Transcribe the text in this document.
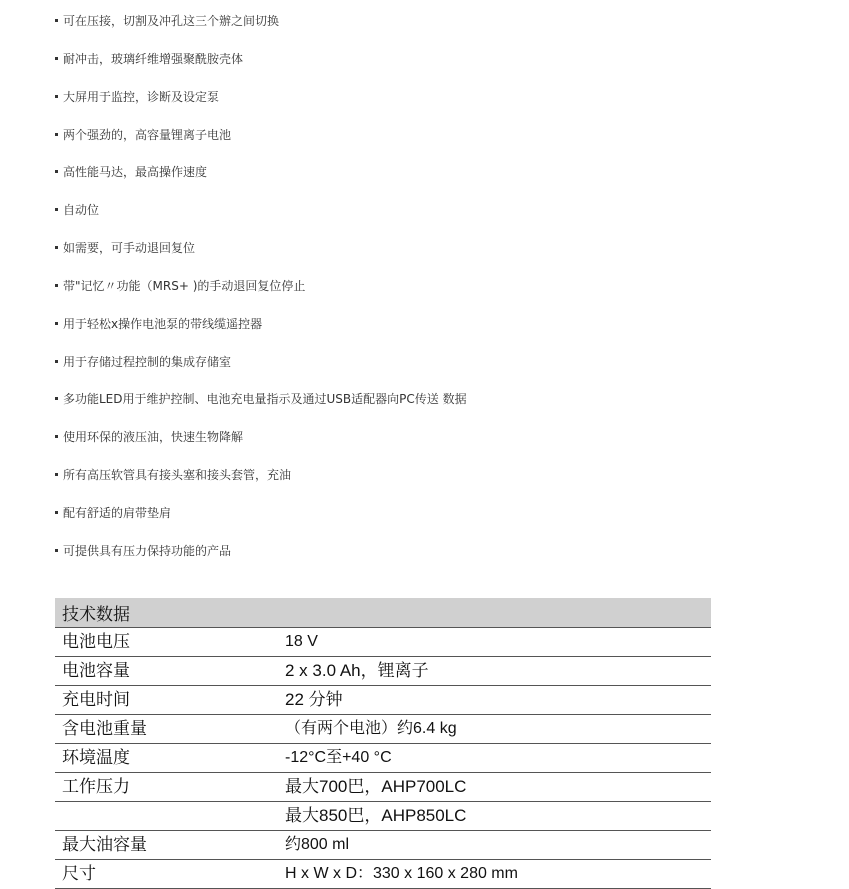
可在压接，切割及冲孔这三个辦之间切换
耐冲击，玻璃纤维增强聚酰胺壳体
大屏用于监控，诊断及设定泵
两个强劲的，高容量锂离子电池
高性能马达，最高操作速度
自动位
如需要，可手动退回复位
带"记忆〃功能（MRS+ )的手动退回复位停止
用于轻松x操作电池泵的带线缆遥控器
用于存储过程控制的集成存储室
多功能LED用于维护控制、电池充电量指示及通过USB适配器向PC传送 数据
使用环保的液压油，快速生物降解
所有高压软管具有接头塞和接头套管，充油
配有舒适的肩带垫肩
可提供具有压力保持功能的产品
技术数据	
电池电压	18 V
电池容量	2 x 3.0 Ah，锂离子
充电时间	22 分钟
含电池重量	（有两个电池）约6.4 kg
环境温度	-12°C至+40 °C
工作压力	最大700巴，AHP700LC
	最大850巴，AHP850LC
最大油容量	约800 ml
尺寸	H x W x D：330 x 160 x 280 mm
